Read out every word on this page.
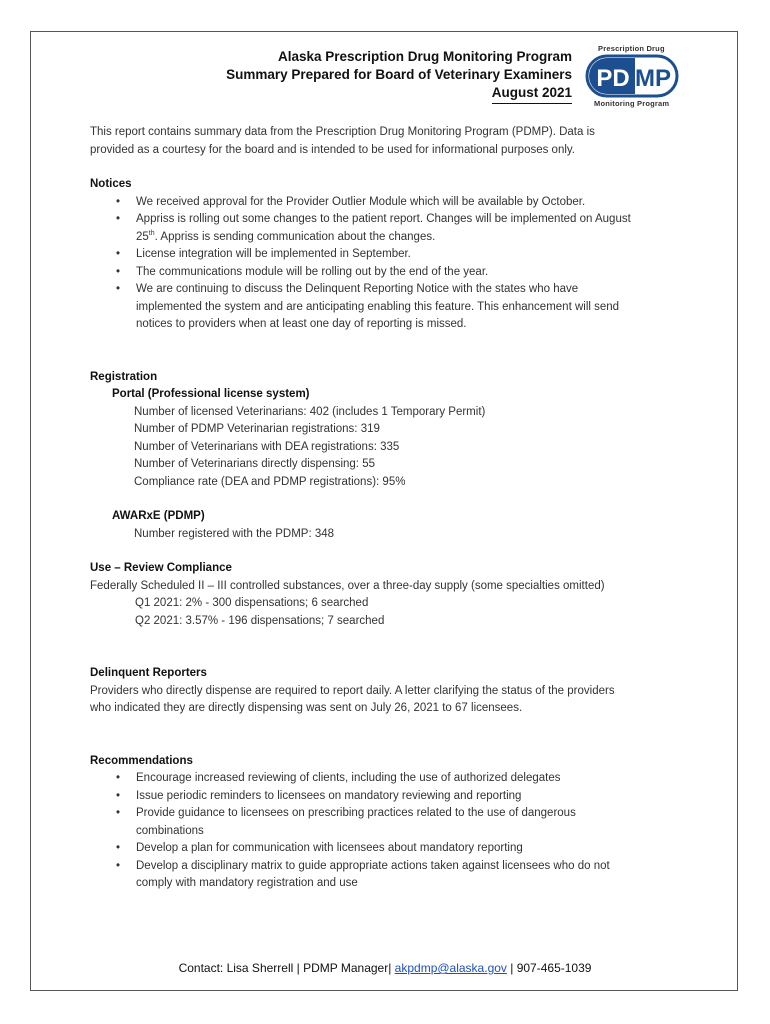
Alaska Prescription Drug Monitoring Program
Summary Prepared for Board of Veterinary Examiners
August 2021
Prescription Drug
PD MP
Monitoring Program

This report contains summary data from the Prescription Drug Monitoring Program (PDMP). Data is

provided as a courtesy for the board and is intended to be used for informational purposes only.

Notices

• We received approval for the Provider Outlier Module which will be available by October.
• Appriss is rolling out some changes to the patient report. Changes will be implemented on August
25th. Appriss is sending communication about the changes.
• License integration will be implemented in September.
• The communications module will be rolling out by the end of the year.
• We are continuing to discuss the Delinquent Reporting Notice with the states who have
implemented the system and are anticipating enabling this feature. This enhancement will send
notices to providers when at least one day of reporting is missed.

Registration

Portal (Professional license system)

Number of licensed Veterinarians: 402 (includes 1 Temporary Permit)

Number of PDMP Veterinarian registrations: 319

Number of Veterinarians with DEA registrations: 335

Number of Veterinarians directly dispensing: 55

Compliance rate (DEA and PDMP registrations): 95%

AWARxE (PDMP)

Number registered with the PDMP: 348

Use – Review Compliance

Federally Scheduled II – III controlled substances, over a three-day supply (some specialties omitted)

Q1 2021: 2% - 300 dispensations; 6 searched

Q2 2021: 3.57% - 196 dispensations; 7 searched

Delinquent Reporters

Providers who directly dispense are required to report daily. A letter clarifying the status of the providers

who indicated they are directly dispensing was sent on July 26, 2021 to 67 licensees.

Recommendations

• Encourage increased reviewing of clients, including the use of authorized delegates
• Issue periodic reminders to licensees on mandatory reviewing and reporting
• Provide guidance to licensees on prescribing practices related to the use of dangerous
combinations
• Develop a plan for communication with licensees about mandatory reporting
• Develop a disciplinary matrix to guide appropriate actions taken against licensees who do not
comply with mandatory registration and use
Contact: Lisa Sherrell | PDMP Manager| akpdmp@alaska.gov | 907-465-1039
